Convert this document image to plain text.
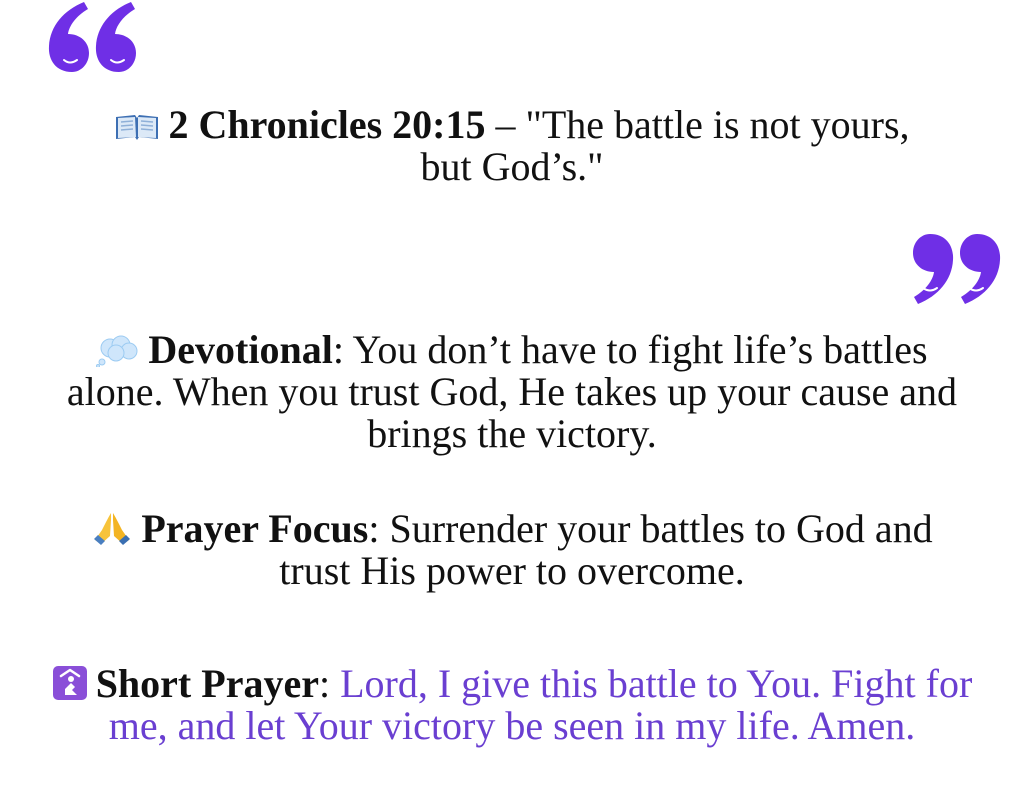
2 Chronicles 20:15 – "The battle is not yours,
but God’s."
Devotional: You don’t have to fight life’s battles
alone. When you trust God, He takes up your cause and
brings the victory.
Prayer Focus: Surrender your battles to God and
trust His power to overcome.
Short Prayer: Lord, I give this battle to You. Fight for
me, and let Your victory be seen in my life. Amen.
